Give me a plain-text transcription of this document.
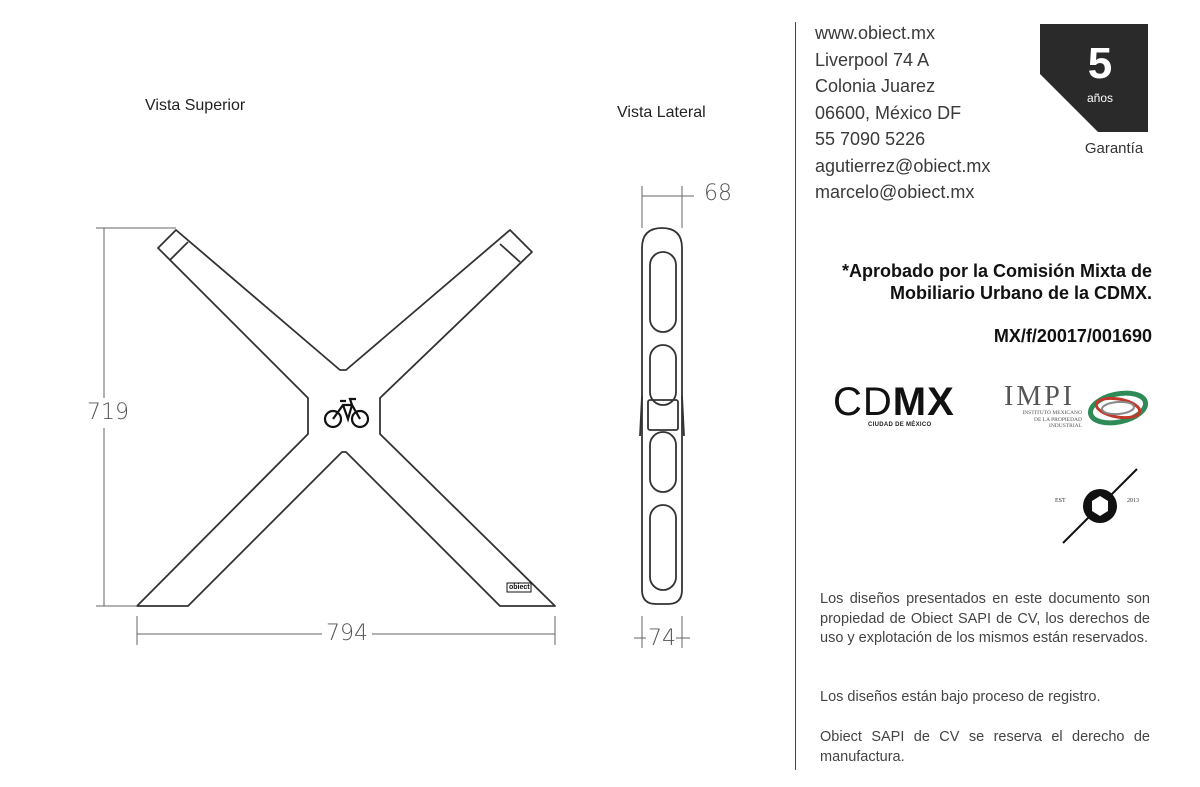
Vista Superior	Vista Lateral
719
794
68
74
obiect
www.obiect.mx
Liverpool 74 A
Colonia Juarez
06600, México DF
55 7090 5226
agutierrez@obiect.mx
marcelo@obiect.mx
5
años
Garantía
*Aprobado por la Comisión Mixta de
Mobiliario Urbano de la CDMX.
MX/f/20017/001690
CDMX
CIUDAD DE MÉXICO
IMPI
INSTITUTO MEXICANO
DE LA PROPIEDAD
INDUSTRIAL
EST	2013
Los diseños presentados en este documento son propiedad de Obiect SAPI de CV, los derechos de uso y explotación de los mismos están reservados.
Los diseños están bajo proceso de registro.
Obiect SAPI de CV se reserva el derecho de manufactura.
